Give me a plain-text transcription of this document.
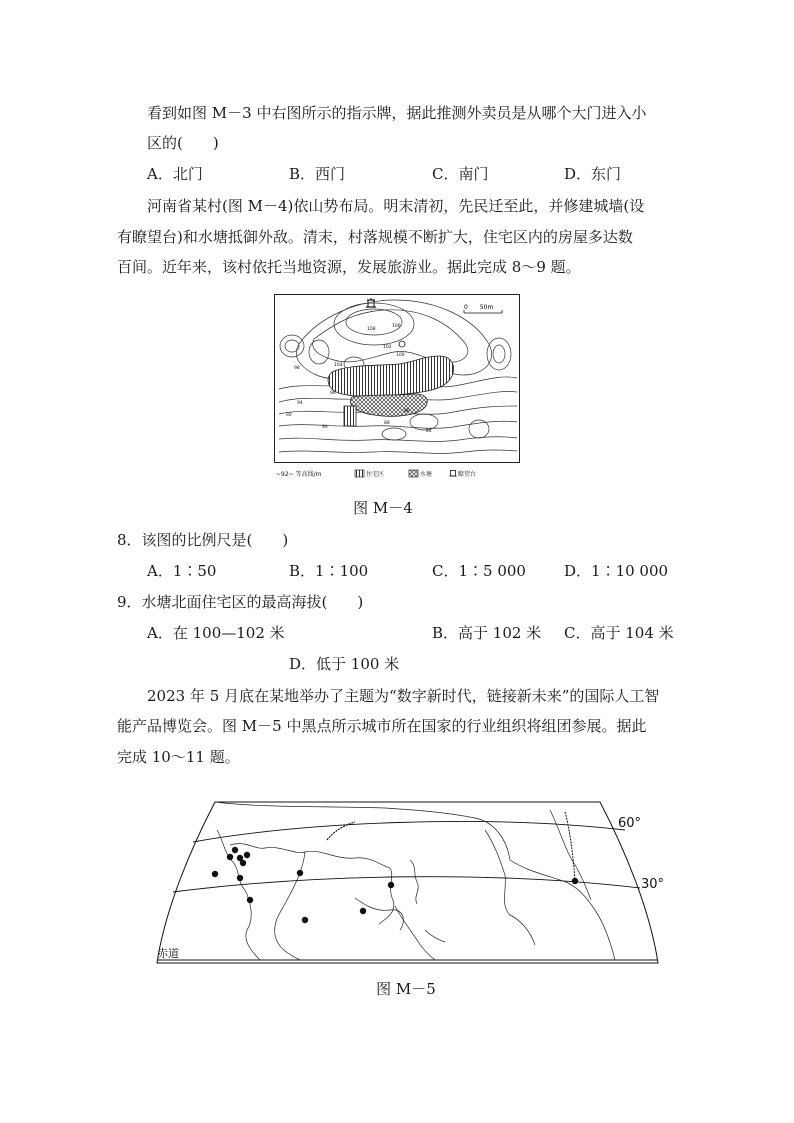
看到如图 M－3 中右图所示的指示牌，据此推测外卖员是从哪个大门进入小
区的(　　)
A．北门	B．西门	C．南门	D．东门
河南省某村(图 M－4)依山势布局。明末清初，先民迁至此，并修建城墙(设
有瞭望台)和水塘抵御外敌。清末，村落规模不断扩大，住宅区内的房屋多达数
百间。近年来，该村依托当地资源，发展旅游业。据此完成 8～9 题。
0　　50m
108
106
104
102
100
98
96
94
92
90
88
86
84
~92~ 等高线/m	住宅区	水塘	瞭望台
图 M－4
8．该图的比例尺是(　　)
A．1∶50	B．1∶100	C．1∶5 000	D．1∶10 000
9．水塘北面住宅区的最高海拔(　　)
A．在 100—102 米	B．高于 102 米 C．高于 104 米
D．低于 100 米
2023 年 5 月底在某地举办了主题为“数字新时代，链接新未来”的国际人工智
能产品博览会。图 M－5 中黑点所示城市所在国家的行业组织将组团参展。据此
完成 10～11 题。
60°
30°
赤道
图 M－5
